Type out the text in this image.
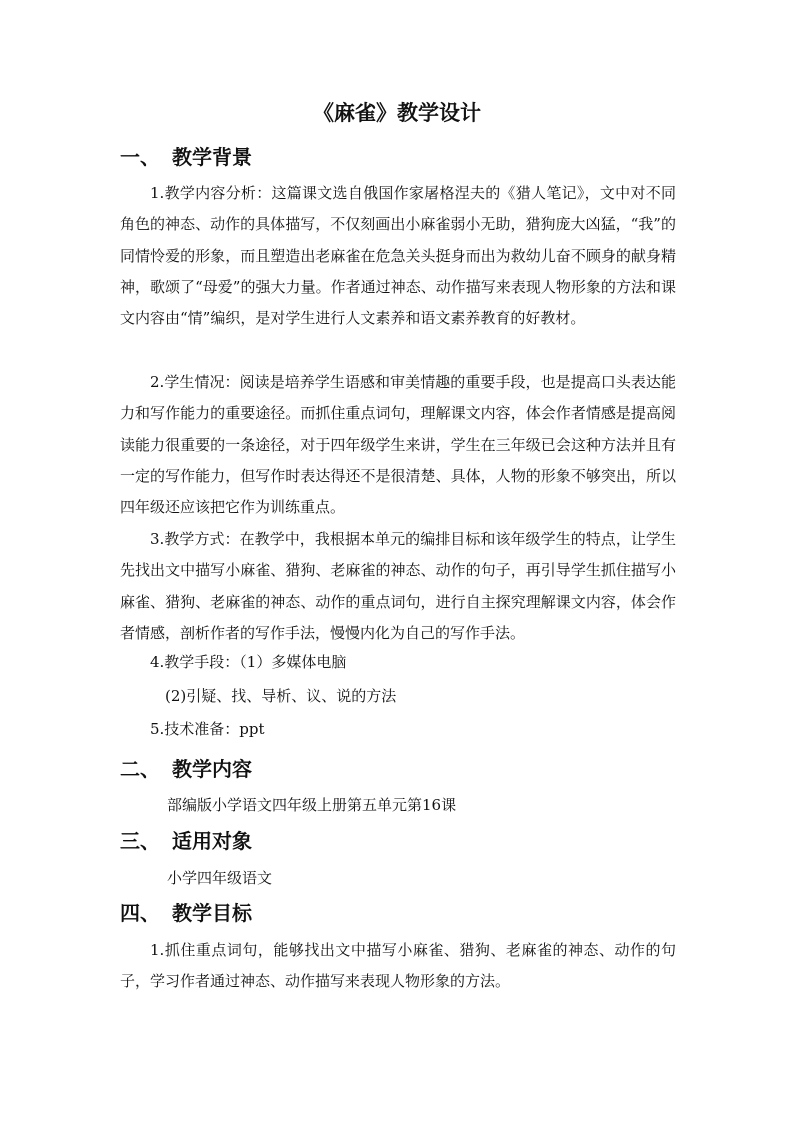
《麻雀》教学设计
一、 教学背景

1.教学内容分析：这篇课文选自俄国作家屠格涅夫的《猎人笔记》，文中对不同角色的神态、动作的具体描写，不仅刻画出小麻雀弱小无助，猎狗庞大凶猛，“我”的同情怜爱的形象，而且塑造出老麻雀在危急关头挺身而出为救幼儿奋不顾身的献身精神，歌颂了“母爱”的强大力量。作者通过神态、动作描写来表现人物形象的方法和课文内容由“情”编织，是对学生进行人文素养和语文素养教育的好教材。

2.学生情况：阅读是培养学生语感和审美情趣的重要手段，也是提高口头表达能力和写作能力的重要途径。而抓住重点词句，理解课文内容，体会作者情感是提高阅读能力很重要的一条途径，对于四年级学生来讲，学生在三年级已会这种方法并且有一定的写作能力，但写作时表达得还不是很清楚、具体，人物的形象不够突出，所以四年级还应该把它作为训练重点。

3.教学方式：在教学中，我根据本单元的编排目标和该年级学生的特点，让学生先找出文中描写小麻雀、猎狗、老麻雀的神态、动作的句子，再引导学生抓住描写小麻雀、猎狗、老麻雀的神态、动作的重点词句，进行自主探究理解课文内容，体会作者情感，剖析作者的写作手法，慢慢内化为自己的写作手法。

4.教学手段：（1）多媒体电脑

(2)引疑、找、导析、议、说的方法

5.技术准备：ppt

二、 教学内容

部编版小学语文四年级上册第五单元第16课

三、 适用对象

小学四年级语文

四、 教学目标

1.抓住重点词句，能够找出文中描写小麻雀、猎狗、老麻雀的神态、动作的句子，学习作者通过神态、动作描写来表现人物形象的方法。
